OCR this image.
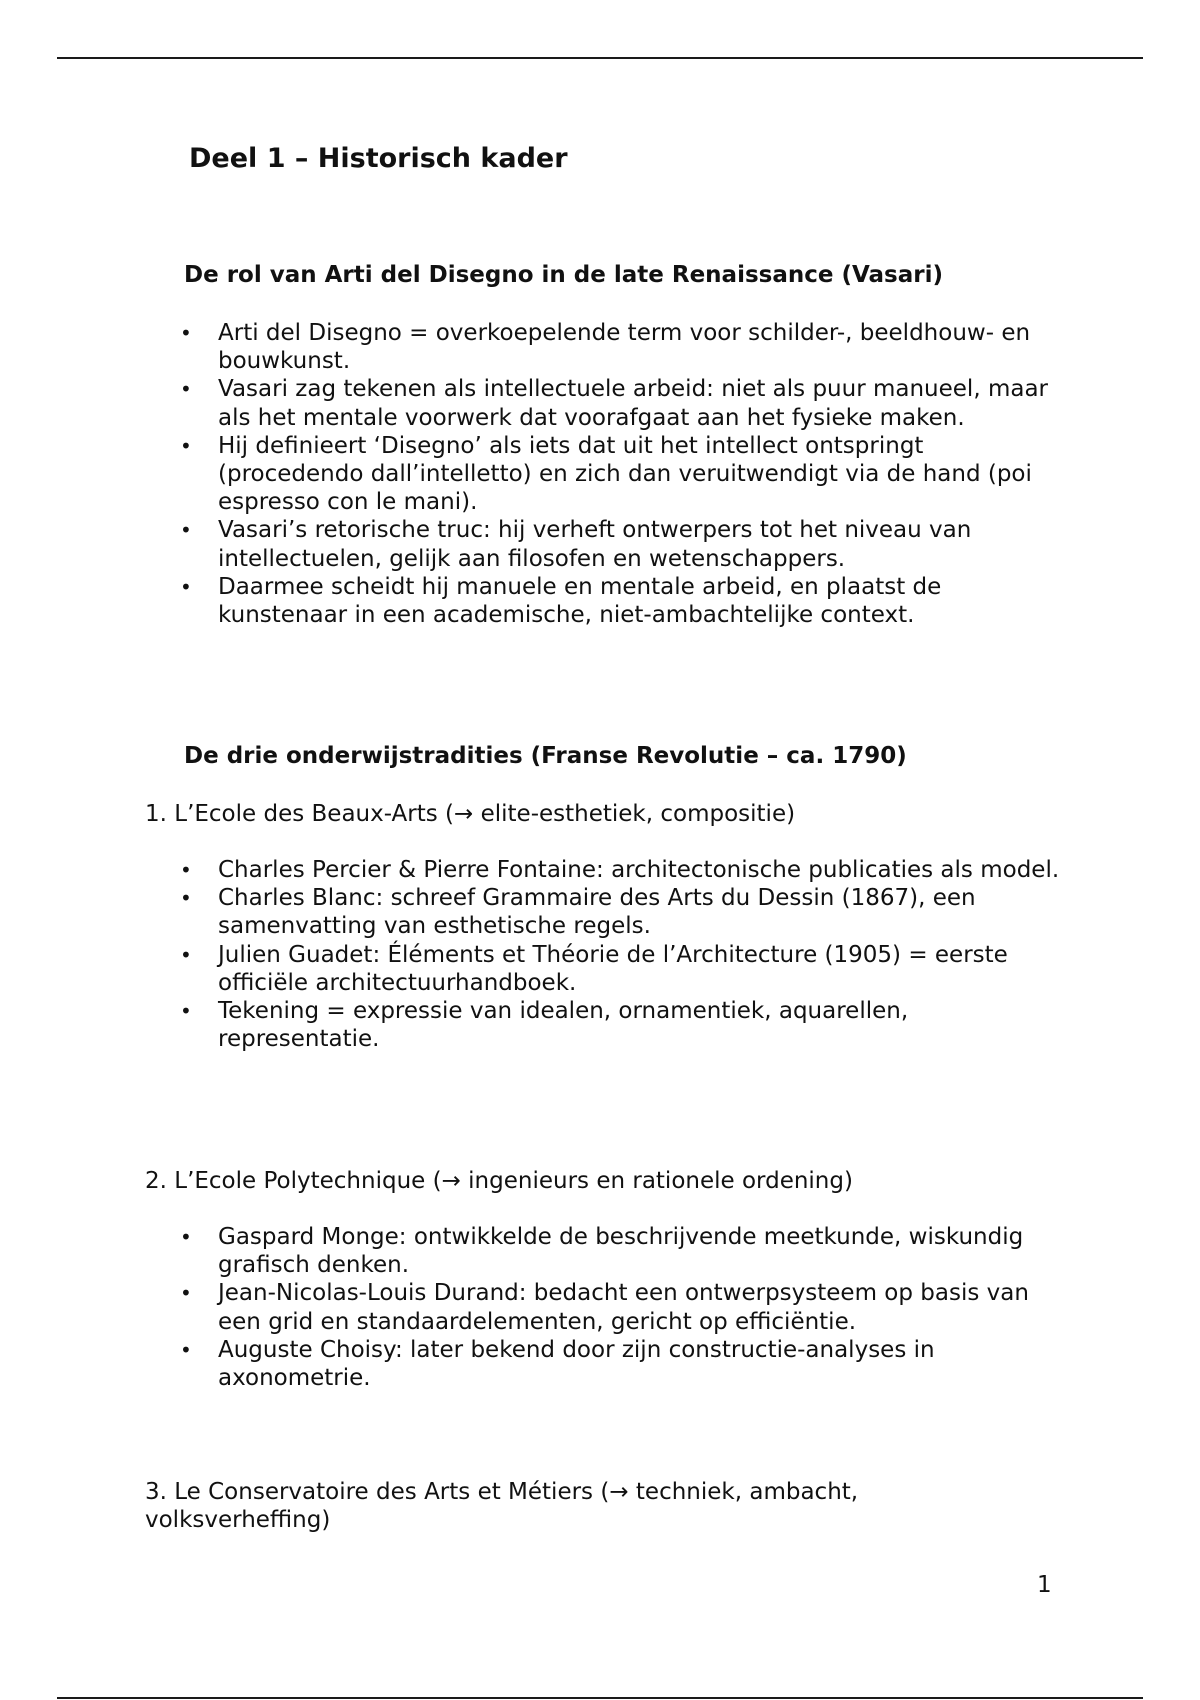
Deel 1 – Historisch kader
De rol van Arti del Disegno in de late Renaissance (Vasari)
• Arti del Disegno = overkoepelende term voor schilder-, beeldhouw- en bouwkunst.
• Vasari zag tekenen als intellectuele arbeid: niet als puur manueel, maar als het mentale voorwerk dat voorafgaat aan het fysieke maken.
• Hij definieert ‘Disegno’ als iets dat uit het intellect ontspringt (procedendo dall’intelletto) en zich dan veruitwendigt via de hand (poi espresso con le mani).
• Vasari’s retorische truc: hij verheft ontwerpers tot het niveau van intellectuelen, gelijk aan filosofen en wetenschappers.
• Daarmee scheidt hij manuele en mentale arbeid, en plaatst de kunstenaar in een academische, niet-ambachtelijke context.
De drie onderwijstradities (Franse Revolutie – ca. 1790)

1. L’Ecole des Beaux-Arts (→ elite-esthetiek, compositie)

• Charles Percier & Pierre Fontaine: architectonische publicaties als model.
• Charles Blanc: schreef Grammaire des Arts du Dessin (1867), een samenvatting van esthetische regels.
• Julien Guadet: Éléments et Théorie de l’Architecture (1905) = eerste officiële architectuurhandboek.
• Tekening = expressie van idealen, ornamentiek, aquarellen, representatie.

2. L’Ecole Polytechnique (→ ingenieurs en rationele ordening)

• Gaspard Monge: ontwikkelde de beschrijvende meetkunde, wiskundig grafisch denken.
• Jean-Nicolas-Louis Durand: bedacht een ontwerpsysteem op basis van een grid en standaardelementen, gericht op efficiëntie.
• Auguste Choisy: later bekend door zijn constructie-analyses in axonometrie.

3. Le Conservatoire des Arts et Métiers (→ techniek, ambacht, volksverheffing)

1
